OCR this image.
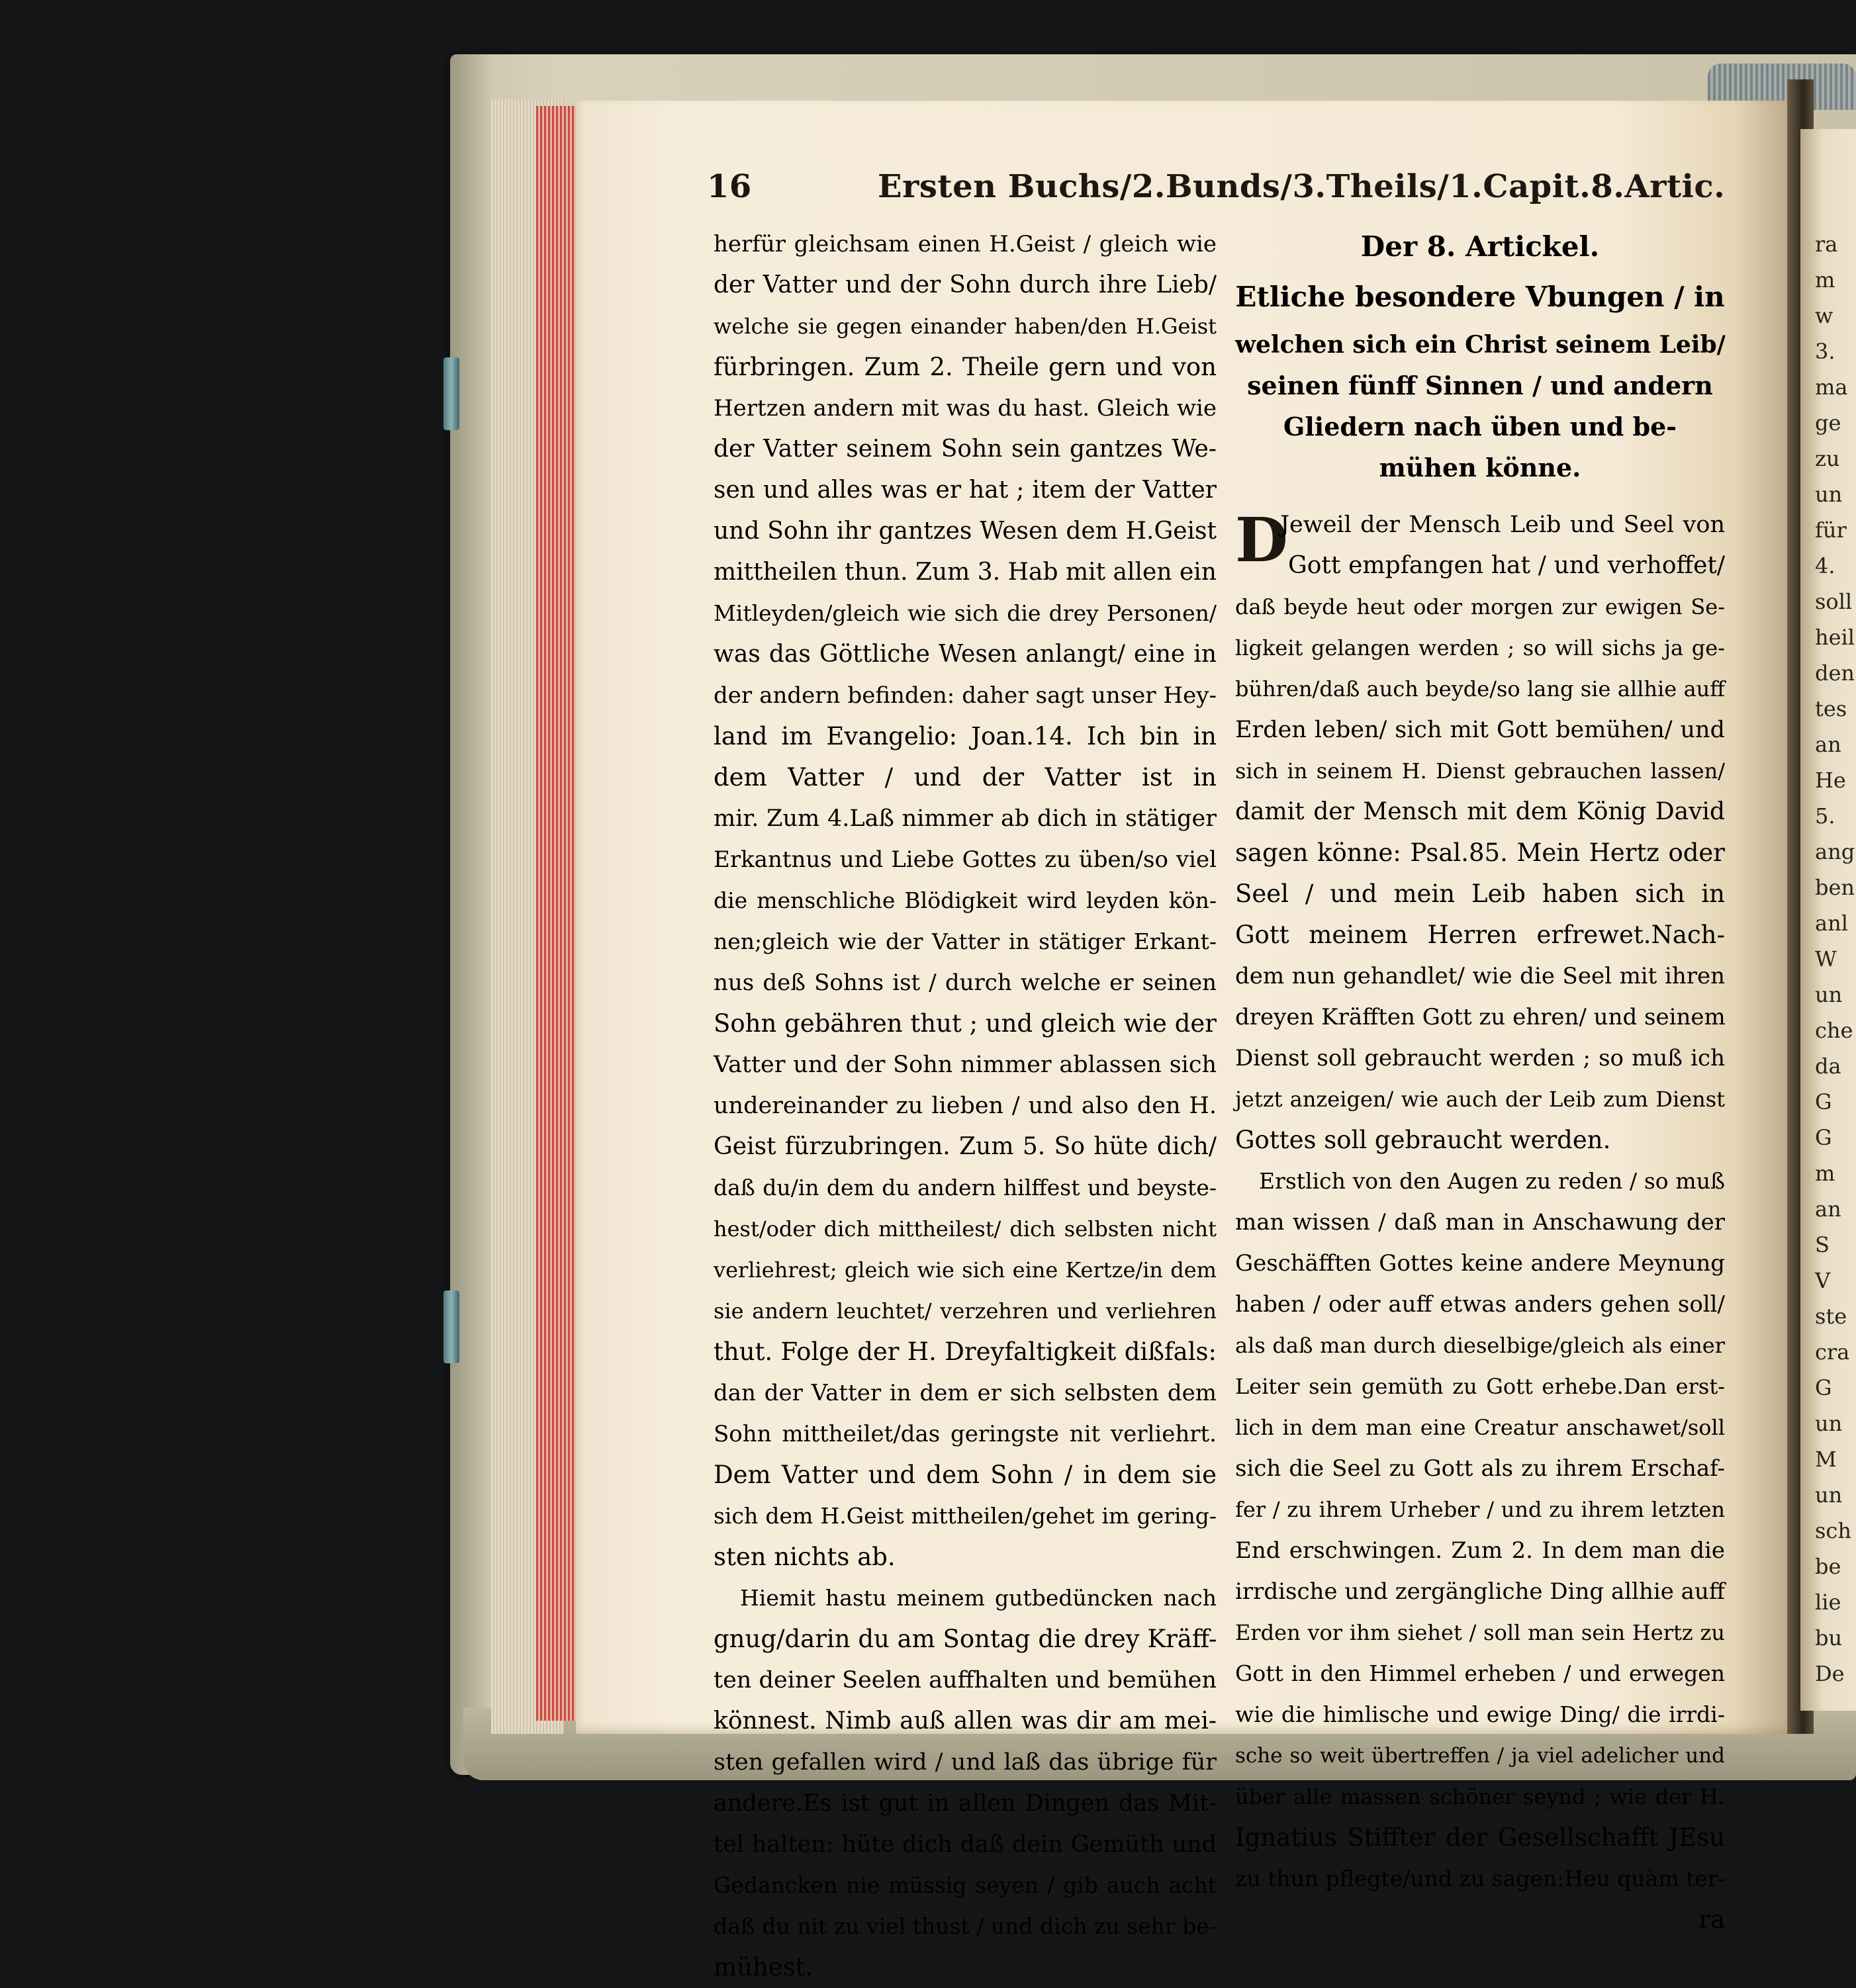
16	Ersten Buchs/2.Bunds/3.Theils/1.Capit.8.Artic.
herfür gleichsam einen H.Geist / gleich wie
der Vatter und der Sohn durch ihre Lieb/
welche sie gegen einander haben/den H.Geist
fürbringen. Zum 2. Theile gern und von
Hertzen andern mit was du hast. Gleich wie
der Vatter seinem Sohn sein gantzes We-
sen und alles was er hat ; item der Vatter
und Sohn ihr gantzes Wesen dem H.Geist
mittheilen thun. Zum 3. Hab mit allen ein
Mitleyden/gleich wie sich die drey Personen/
was das Göttliche Wesen anlangt/ eine in
der andern befinden: daher sagt unser Hey-
land im Evangelio: Joan.14. Ich bin in
dem Vatter / und der Vatter ist in
mir. Zum 4.Laß nimmer ab dich in stätiger
Erkantnus und Liebe Gottes zu üben/so viel
die menschliche Blödigkeit wird leyden kön-
nen;gleich wie der Vatter in stätiger Erkant-
nus deß Sohns ist / durch welche er seinen
Sohn gebähren thut ; und gleich wie der
Vatter und der Sohn nimmer ablassen sich
undereinander zu lieben / und also den H.
Geist fürzubringen. Zum 5. So hüte dich/
daß du/in dem du andern hilffest und beyste-
hest/oder dich mittheilest/ dich selbsten nicht
verliehrest; gleich wie sich eine Kertze/in dem
sie andern leuchtet/ verzehren und verliehren
thut. Folge der H. Dreyfaltigkeit dißfals:
dan der Vatter in dem er sich selbsten dem
Sohn mittheilet/das geringste nit verliehrt.
Dem Vatter und dem Sohn / in dem sie
sich dem H.Geist mittheilen/gehet im gering-
sten nichts ab.
Hiemit hastu meinem gutbedüncken nach
gnug/darin du am Sontag die drey Kräff-
ten deiner Seelen auffhalten und bemühen
könnest. Nimb auß allen was dir am mei-
sten gefallen wird / und laß das übrige für
andere.Es ist gut in allen Dingen das Mit-
tel halten: hüte dich daß dein Gemüth und
Gedancken nie müssig seyen / gib auch acht
daß du nit zu viel thust / und dich zu sehr be-
mühest.
Der 8. Artickel.
Etliche besondere Vbungen / in
welchen sich ein Christ seinem Leib/
seinen fünff Sinnen / und andern
Gliedern nach üben und be-
mühen könne.
D
Jeweil der Mensch Leib und Seel von
Gott empfangen hat / und verhoffet/
daß beyde heut oder morgen zur ewigen Se-
ligkeit gelangen werden ; so will sichs ja ge-
bühren/daß auch beyde/so lang sie allhie auff
Erden leben/ sich mit Gott bemühen/ und
sich in seinem H. Dienst gebrauchen lassen/
damit der Mensch mit dem König David
sagen könne: Psal.85. Mein Hertz oder
Seel / und mein Leib haben sich in
Gott meinem Herren erfrewet.Nach-
dem nun gehandlet/ wie die Seel mit ihren
dreyen Kräfften Gott zu ehren/ und seinem
Dienst soll gebraucht werden ; so muß ich
jetzt anzeigen/ wie auch der Leib zum Dienst
Gottes soll gebraucht werden.
Erstlich von den Augen zu reden / so muß
man wissen / daß man in Anschawung der
Geschäfften Gottes keine andere Meynung
haben / oder auff etwas anders gehen soll/
als daß man durch dieselbige/gleich als einer
Leiter sein gemüth zu Gott erhebe.Dan erst-
lich in dem man eine Creatur anschawet/soll
sich die Seel zu Gott als zu ihrem Erschaf-
fer / zu ihrem Urheber / und zu ihrem letzten
End erschwingen. Zum 2. In dem man die
irrdische und zergängliche Ding allhie auff
Erden vor ihm siehet / soll man sein Hertz zu
Gott in den Himmel erheben / und erwegen
wie die himlische und ewige Ding/ die irrdi-
sche so weit übertreffen / ja viel adelicher und
über alle massen schöner seynd ; wie der H.
Ignatius Stiffter der Gesellschafft JEsu
zu thun pflegte/und zu sagen:Heu quàm ter-
ra
ra
m
w
3.
ma
ge
zu
un
für
4.
soll
heil
den
tes
an
He
5.
ang
ben
anl
W
un
che
da
G
G
m
an
S
V
ste
cra
G
un
M
un
sch
be
lie
bu
De
